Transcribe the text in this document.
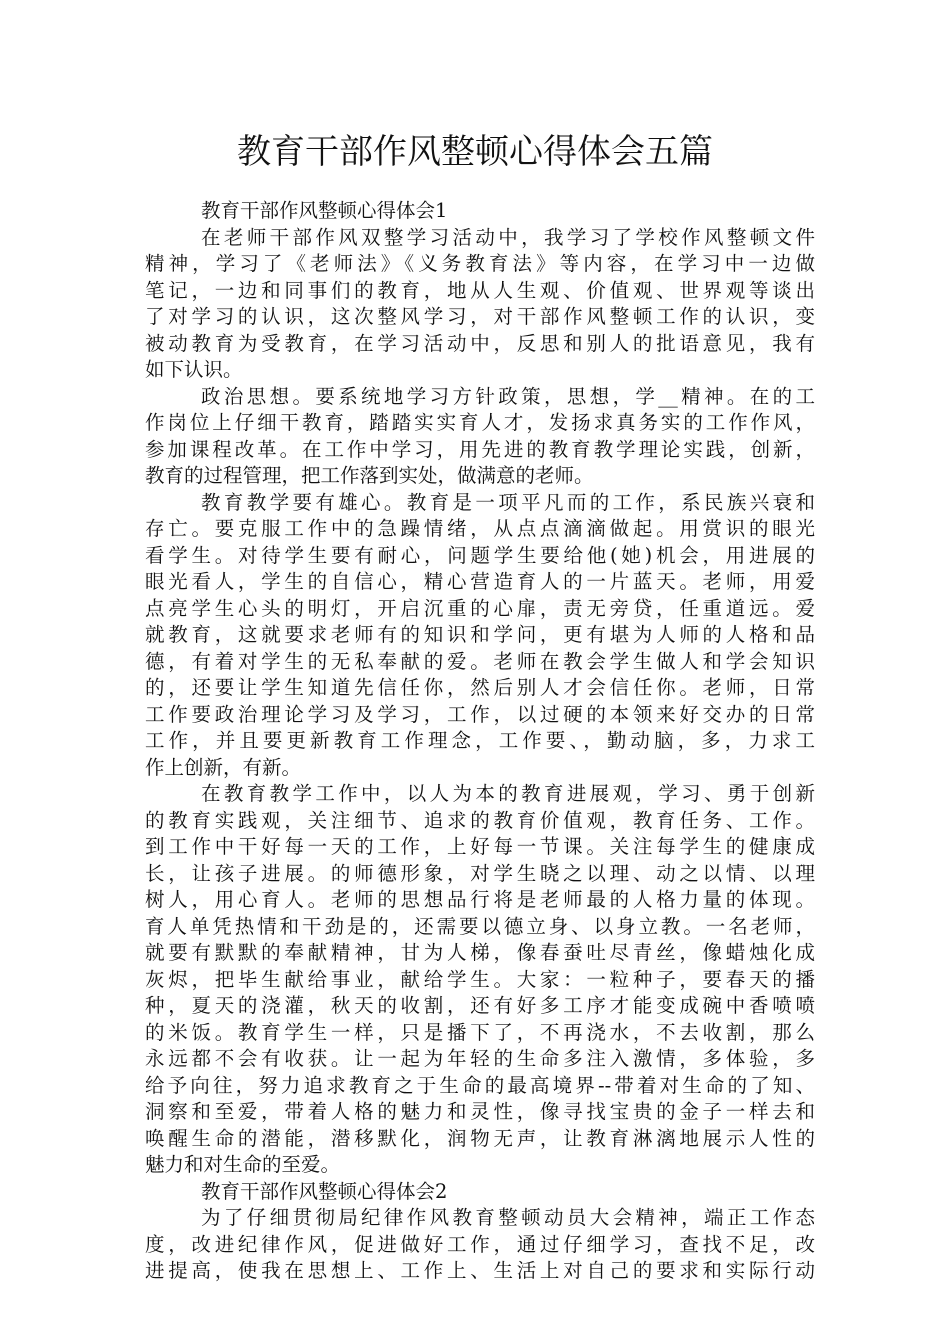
教育干部作风整顿心得体会五篇
教育干部作风整顿心得体会1
在老师干部作风双整学习活动中，我学习了学校作风整顿文件
精神，学习了《老师法》《义务教育法》等内容，在学习中一边做
笔记，一边和同事们的教育，地从人生观、价值观、世界观等谈出
了对学习的认识，这次整风学习，对干部作风整顿工作的认识，变
被动教育为受教育，在学习活动中，反思和别人的批语意见，我有
如下认识。
政治思想。要系统地学习方针政策，思想，学__精神。在的工
作岗位上仔细干教育，踏踏实实育人才，发扬求真务实的工作作风，
参加课程改革。在工作中学习，用先进的教育教学理论实践，创新，
教育的过程管理，把工作落到实处，做满意的老师。
教育教学要有雄心。教育是一项平凡而的工作，系民族兴衰和
存亡。要克服工作中的急躁情绪，从点点滴滴做起。用赏识的眼光
看学生。对待学生要有耐心，问题学生要给他(她)机会，用进展的
眼光看人，学生的自信心，精心营造育人的一片蓝天。老师，用爱
点亮学生心头的明灯，开启沉重的心扉，责无旁贷，任重道远。爱
就教育，这就要求老师有的知识和学问，更有堪为人师的人格和品
德，有着对学生的无私奉献的爱。老师在教会学生做人和学会知识
的，还要让学生知道先信任你，然后别人才会信任你。老师，日常
工作要政治理论学习及学习，工作，以过硬的本领来好交办的日常
工作，并且要更新教育工作理念，工作要、，勤动脑，多，力求工
作上创新，有新。
在教育教学工作中，以人为本的教育进展观，学习、勇于创新
的教育实践观，关注细节、追求的教育价值观，教育任务、工作。
到工作中干好每一天的工作，上好每一节课。关注每学生的健康成
长，让孩子进展。的师德形象，对学生晓之以理、动之以情、以理
树人，用心育人。老师的思想品行将是老师最的人格力量的体现。
育人单凭热情和干劲是的，还需要以德立身、以身立教。一名老师，
就要有默默的奉献精神，甘为人梯，像春蚕吐尽青丝，像蜡烛化成
灰烬，把毕生献给事业，献给学生。大家：一粒种子，要春天的播
种，夏天的浇灌，秋天的收割，还有好多工序才能变成碗中香喷喷
的米饭。教育学生一样，只是播下了，不再浇水，不去收割，那么
永远都不会有收获。让一起为年轻的生命多注入激情，多体验，多
给予向往，努力追求教育之于生命的最高境界--带着对生命的了知、
洞察和至爱，带着人格的魅力和灵性，像寻找宝贵的金子一样去和
唤醒生命的潜能，潜移默化，润物无声，让教育淋漓地展示人性的
魅力和对生命的至爱。
教育干部作风整顿心得体会2
为了仔细贯彻局纪律作风教育整顿动员大会精神，端正工作态
度，改进纪律作风，促进做好工作，通过仔细学习，查找不足，改
进提高，使我在思想上、工作上、生活上对自己的要求和实际行动
